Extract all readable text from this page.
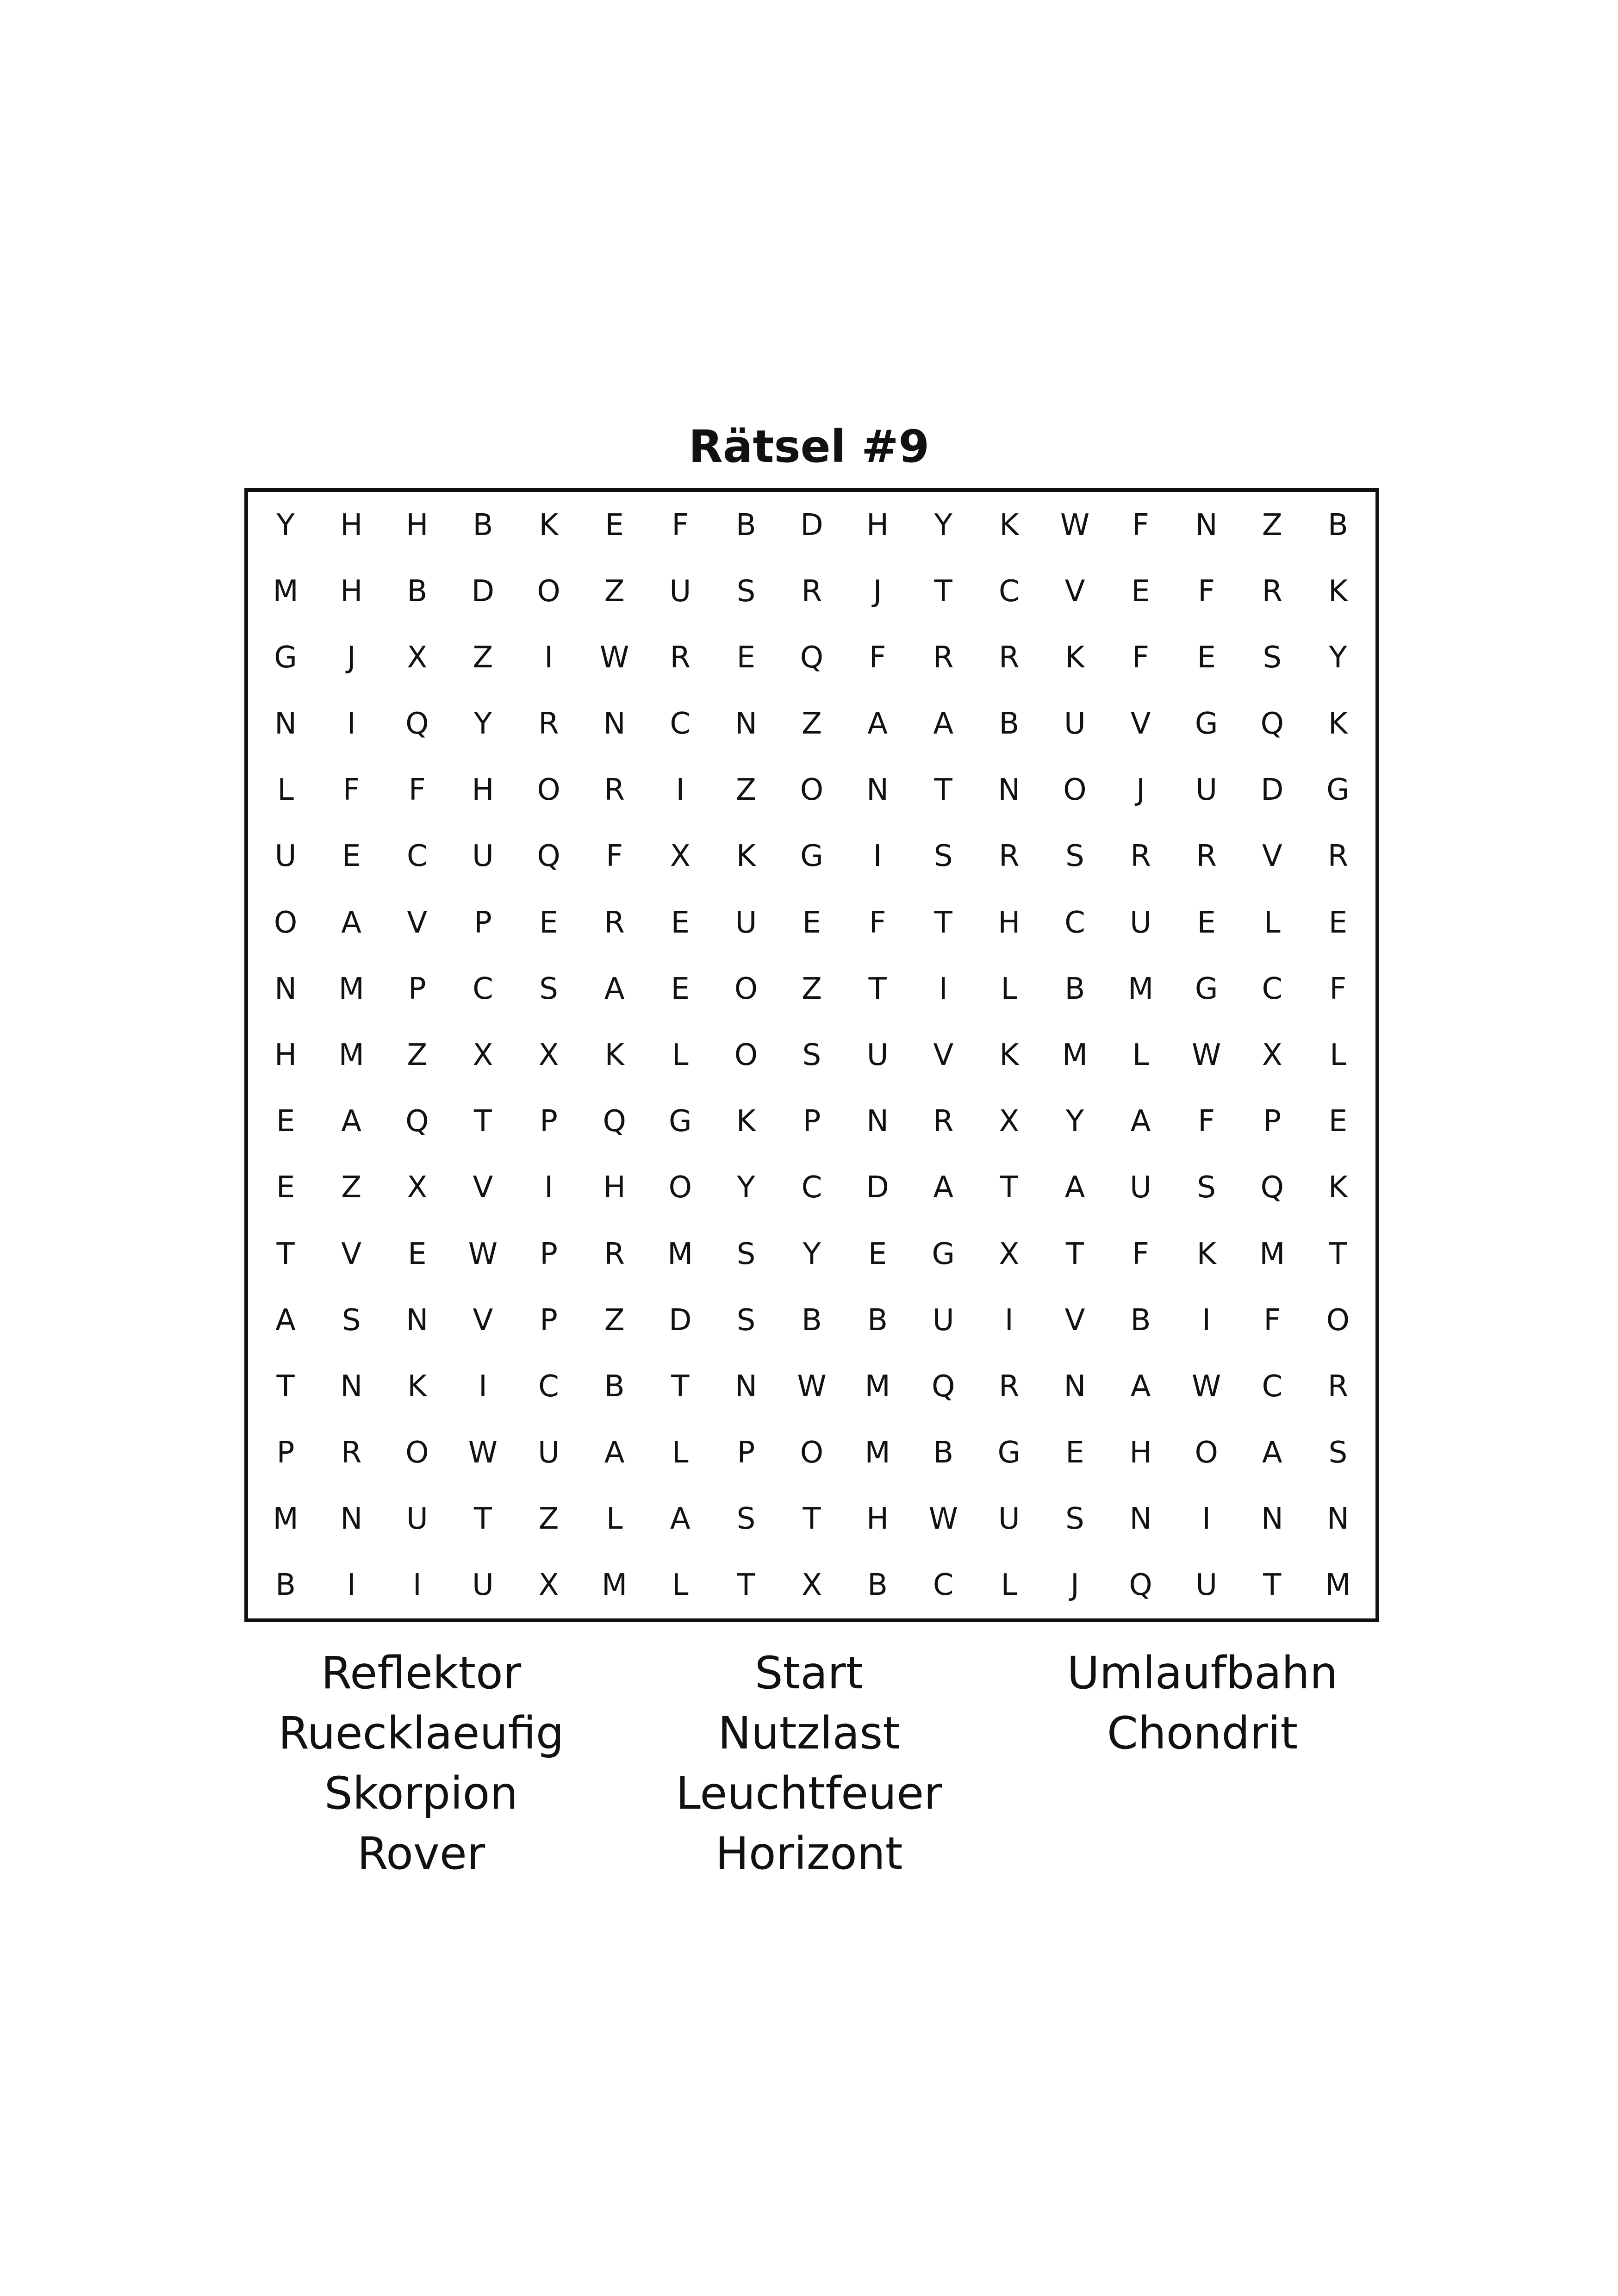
Rätsel #9
Y	H	H	B	K	E	F	B	D	H	Y	K	W	F	N	Z	B
M	H	B	D	O	Z	U	S	R	J	T	C	V	E	F	R	K
G	J	X	Z	I	W	R	E	Q	F	R	R	K	F	E	S	Y
N	I	Q	Y	R	N	C	N	Z	A	A	B	U	V	G	Q	K
L	F	F	H	O	R	I	Z	O	N	T	N	O	J	U	D	G
U	E	C	U	Q	F	X	K	G	I	S	R	S	R	R	V	R
O	A	V	P	E	R	E	U	E	F	T	H	C	U	E	L	E
N	M	P	C	S	A	E	O	Z	T	I	L	B	M	G	C	F
H	M	Z	X	X	K	L	O	S	U	V	K	M	L	W	X	L
E	A	Q	T	P	Q	G	K	P	N	R	X	Y	A	F	P	E
E	Z	X	V	I	H	O	Y	C	D	A	T	A	U	S	Q	K
T	V	E	W	P	R	M	S	Y	E	G	X	T	F	K	M	T
A	S	N	V	P	Z	D	S	B	B	U	I	V	B	I	F	O
T	N	K	I	C	B	T	N	W	M	Q	R	N	A	W	C	R
P	R	O	W	U	A	L	P	O	M	B	G	E	H	O	A	S
M	N	U	T	Z	L	A	S	T	H	W	U	S	N	I	N	N
B	I	I	U	X	M	L	T	X	B	C	L	J	Q	U	T	M
Reflektor
Ruecklaeufig
Skorpion
Rover
Start
Nutzlast
Leuchtfeuer
Horizont
Umlaufbahn
Chondrit
